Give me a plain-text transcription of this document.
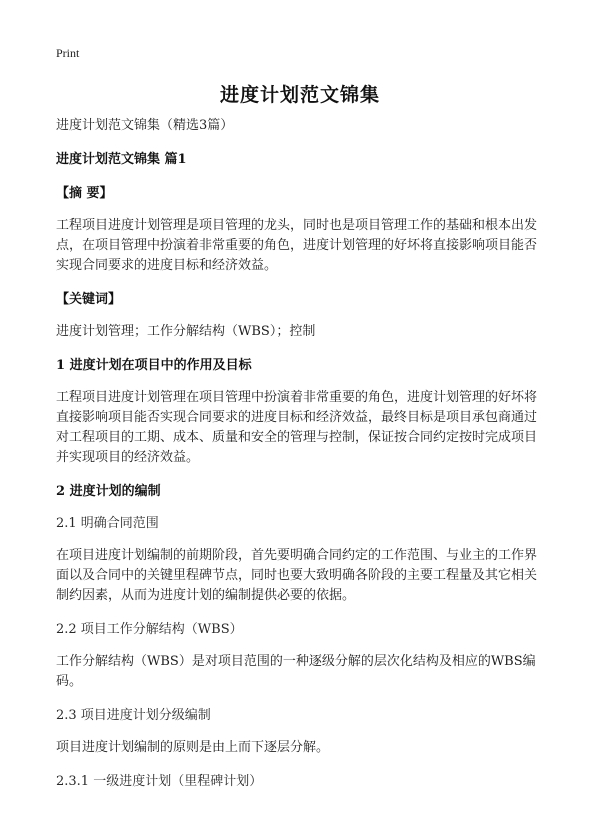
Print
进度计划范文锦集

进度计划范文锦集（精选3篇）

进度计划范文锦集 篇1

【摘 要】

工程项目进度计划管理是项目管理的龙头，同时也是项目管理工作的基础和根本出发点，在项目管理中扮演着非常重要的角色，进度计划管理的好坏将直接影响项目能否实现合同要求的进度目标和经济效益。

【关键词】

进度计划管理；工作分解结构（WBS）；控制

1 进度计划在项目中的作用及目标

工程项目进度计划管理在项目管理中扮演着非常重要的角色，进度计划管理的好坏将直接影响项目能否实现合同要求的进度目标和经济效益，最终目标是项目承包商通过对工程项目的工期、成本、质量和安全的管理与控制，保证按合同约定按时完成项目并实现项目的经济效益。

2 进度计划的编制

2.1 明确合同范围

在项目进度计划编制的前期阶段，首先要明确合同约定的工作范围、与业主的工作界面以及合同中的关键里程碑节点，同时也要大致明确各阶段的主要工程量及其它相关制约因素，从而为进度计划的编制提供必要的依据。

2.2 项目工作分解结构（WBS）

工作分解结构（WBS）是对项目范围的一种逐级分解的层次化结构及相应的WBS编码。

2.3 项目进度计划分级编制

项目进度计划编制的原则是由上而下逐层分解。

2.3.1 一级进度计划（里程碑计划）
